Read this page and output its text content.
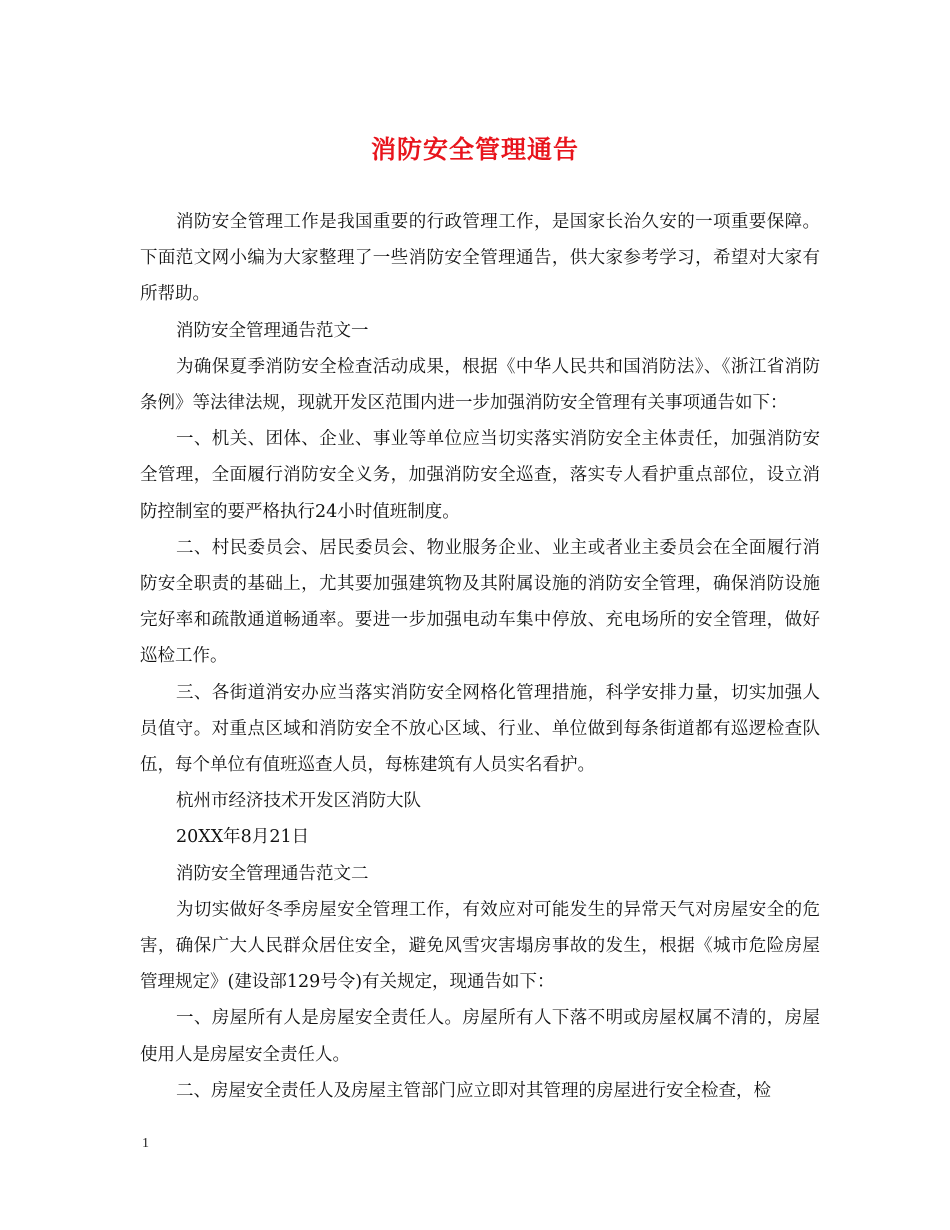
消防安全管理通告

消防安全管理工作是我国重要的行政管理工作，是国家长治久安的一项重要保障。下面范文网小编为大家整理了一些消防安全管理通告，供大家参考学习，希望对大家有所帮助。

消防安全管理通告范文一

为确保夏季消防安全检查活动成果，根据《中华人民共和国消防法》、《浙江省消防条例》等法律法规，现就开发区范围内进一步加强消防安全管理有关事项通告如下：

一、机关、团体、企业、事业等单位应当切实落实消防安全主体责任，加强消防安全管理，全面履行消防安全义务，加强消防安全巡查，落实专人看护重点部位，设立消防控制室的要严格执行24小时值班制度。

二、村民委员会、居民委员会、物业服务企业、业主或者业主委员会在全面履行消防安全职责的基础上，尤其要加强建筑物及其附属设施的消防安全管理，确保消防设施完好率和疏散通道畅通率。要进一步加强电动车集中停放、充电场所的安全管理，做好巡检工作。

三、各街道消安办应当落实消防安全网格化管理措施，科学安排力量，切实加强人员值守。对重点区域和消防安全不放心区域、行业、单位做到每条街道都有巡逻检查队伍，每个单位有值班巡查人员，每栋建筑有人员实名看护。

杭州市经济技术开发区消防大队

20XX年8月21日

消防安全管理通告范文二

为切实做好冬季房屋安全管理工作，有效应对可能发生的异常天气对房屋安全的危害，确保广大人民群众居住安全，避免风雪灾害塌房事故的发生，根据《城市危险房屋管理规定》(建设部129号令)有关规定，现通告如下：

一、房屋所有人是房屋安全责任人。房屋所有人下落不明或房屋权属不清的，房屋使用人是房屋安全责任人。

二、房屋安全责任人及房屋主管部门应立即对其管理的房屋进行安全检查，检

1
